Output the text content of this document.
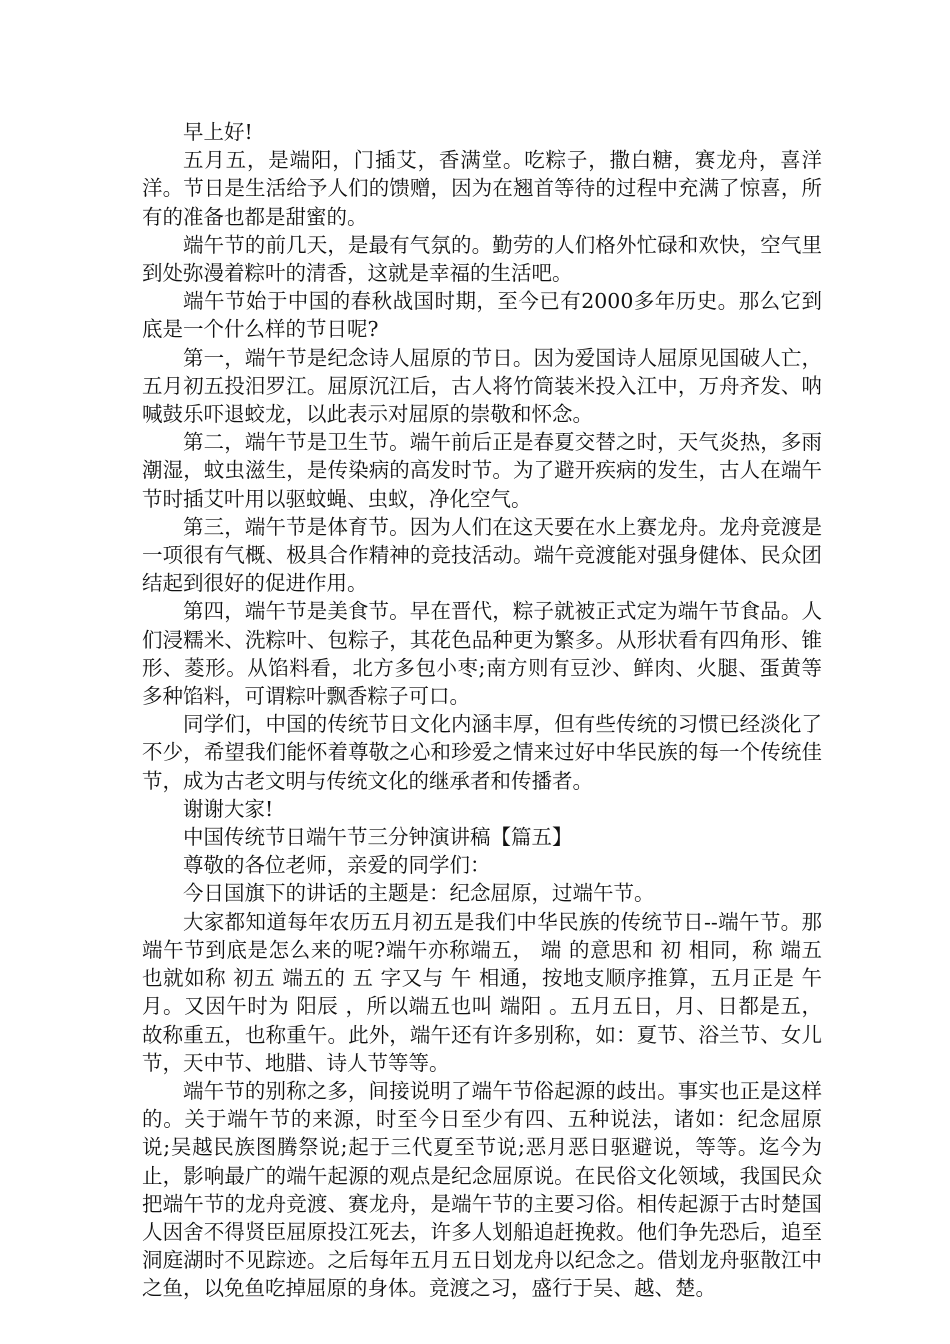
早上好!

五月五，是端阳，门插艾，香满堂。吃粽子，撒白糖，赛龙舟，喜洋洋。节日是生活给予人们的馈赠，因为在翘首等待的过程中充满了惊喜，所有的准备也都是甜蜜的。

端午节的前几天，是最有气氛的。勤劳的人们格外忙碌和欢快，空气里到处弥漫着粽叶的清香，这就是幸福的生活吧。

端午节始于中国的春秋战国时期，至今已有2000多年历史。那么它到底是一个什么样的节日呢?

第一，端午节是纪念诗人屈原的节日。因为爱国诗人屈原见国破人亡，五月初五投汨罗江。屈原沉江后，古人将竹筒装米投入江中，万舟齐发、呐喊鼓乐吓退蛟龙，以此表示对屈原的崇敬和怀念。

第二，端午节是卫生节。端午前后正是春夏交替之时，天气炎热，多雨潮湿，蚊虫滋生，是传染病的高发时节。为了避开疾病的发生，古人在端午节时插艾叶用以驱蚊蝇、虫蚁，净化空气。

第三，端午节是体育节。因为人们在这天要在水上赛龙舟。龙舟竞渡是一项很有气概、极具合作精神的竞技活动。端午竞渡能对强身健体、民众团结起到很好的促进作用。

第四，端午节是美食节。早在晋代，粽子就被正式定为端午节食品。人们浸糯米、洗粽叶、包粽子，其花色品种更为繁多。从形状看有四角形、锥形、菱形。从馅料看，北方多包小枣;南方则有豆沙、鲜肉、火腿、蛋黄等多种馅料，可谓粽叶飘香粽子可口。

同学们，中国的传统节日文化内涵丰厚，但有些传统的习惯已经淡化了不少，希望我们能怀着尊敬之心和珍爱之情来过好中华民族的每一个传统佳节，成为古老文明与传统文化的继承者和传播者。

谢谢大家!

中国传统节日端午节三分钟演讲稿【篇五】

尊敬的各位老师，亲爱的同学们：

今日国旗下的讲话的主题是：纪念屈原，过端午节。

大家都知道每年农历五月初五是我们中华民族的传统节日--端午节。那端午节到底是怎么来的呢?端午亦称端五， 端 的意思和 初 相同，称 端五 也就如称 初五 端五的 五 字又与 午 相通，按地支顺序推算，五月正是 午 月。又因午时为 阳辰 ，所以端五也叫 端阳 。五月五日，月、日都是五，故称重五，也称重午。此外，端午还有许多别称，如：夏节、浴兰节、女儿节，天中节、地腊、诗人节等等。

端午节的别称之多，间接说明了端午节俗起源的歧出。事实也正是这样的。关于端午节的来源，时至今日至少有四、五种说法，诸如：纪念屈原说;吴越民族图腾祭说;起于三代夏至节说;恶月恶日驱避说，等等。迄今为止，影响最广的端午起源的观点是纪念屈原说。在民俗文化领域，我国民众把端午节的龙舟竞渡、赛龙舟，是端午节的主要习俗。相传起源于古时楚国人因舍不得贤臣屈原投江死去，许多人划船追赶挽救。他们争先恐后，追至洞庭湖时不见踪迹。之后每年五月五日划龙舟以纪念之。借划龙舟驱散江中之鱼，以免鱼吃掉屈原的身体。竞渡之习，盛行于吴、越、楚。
